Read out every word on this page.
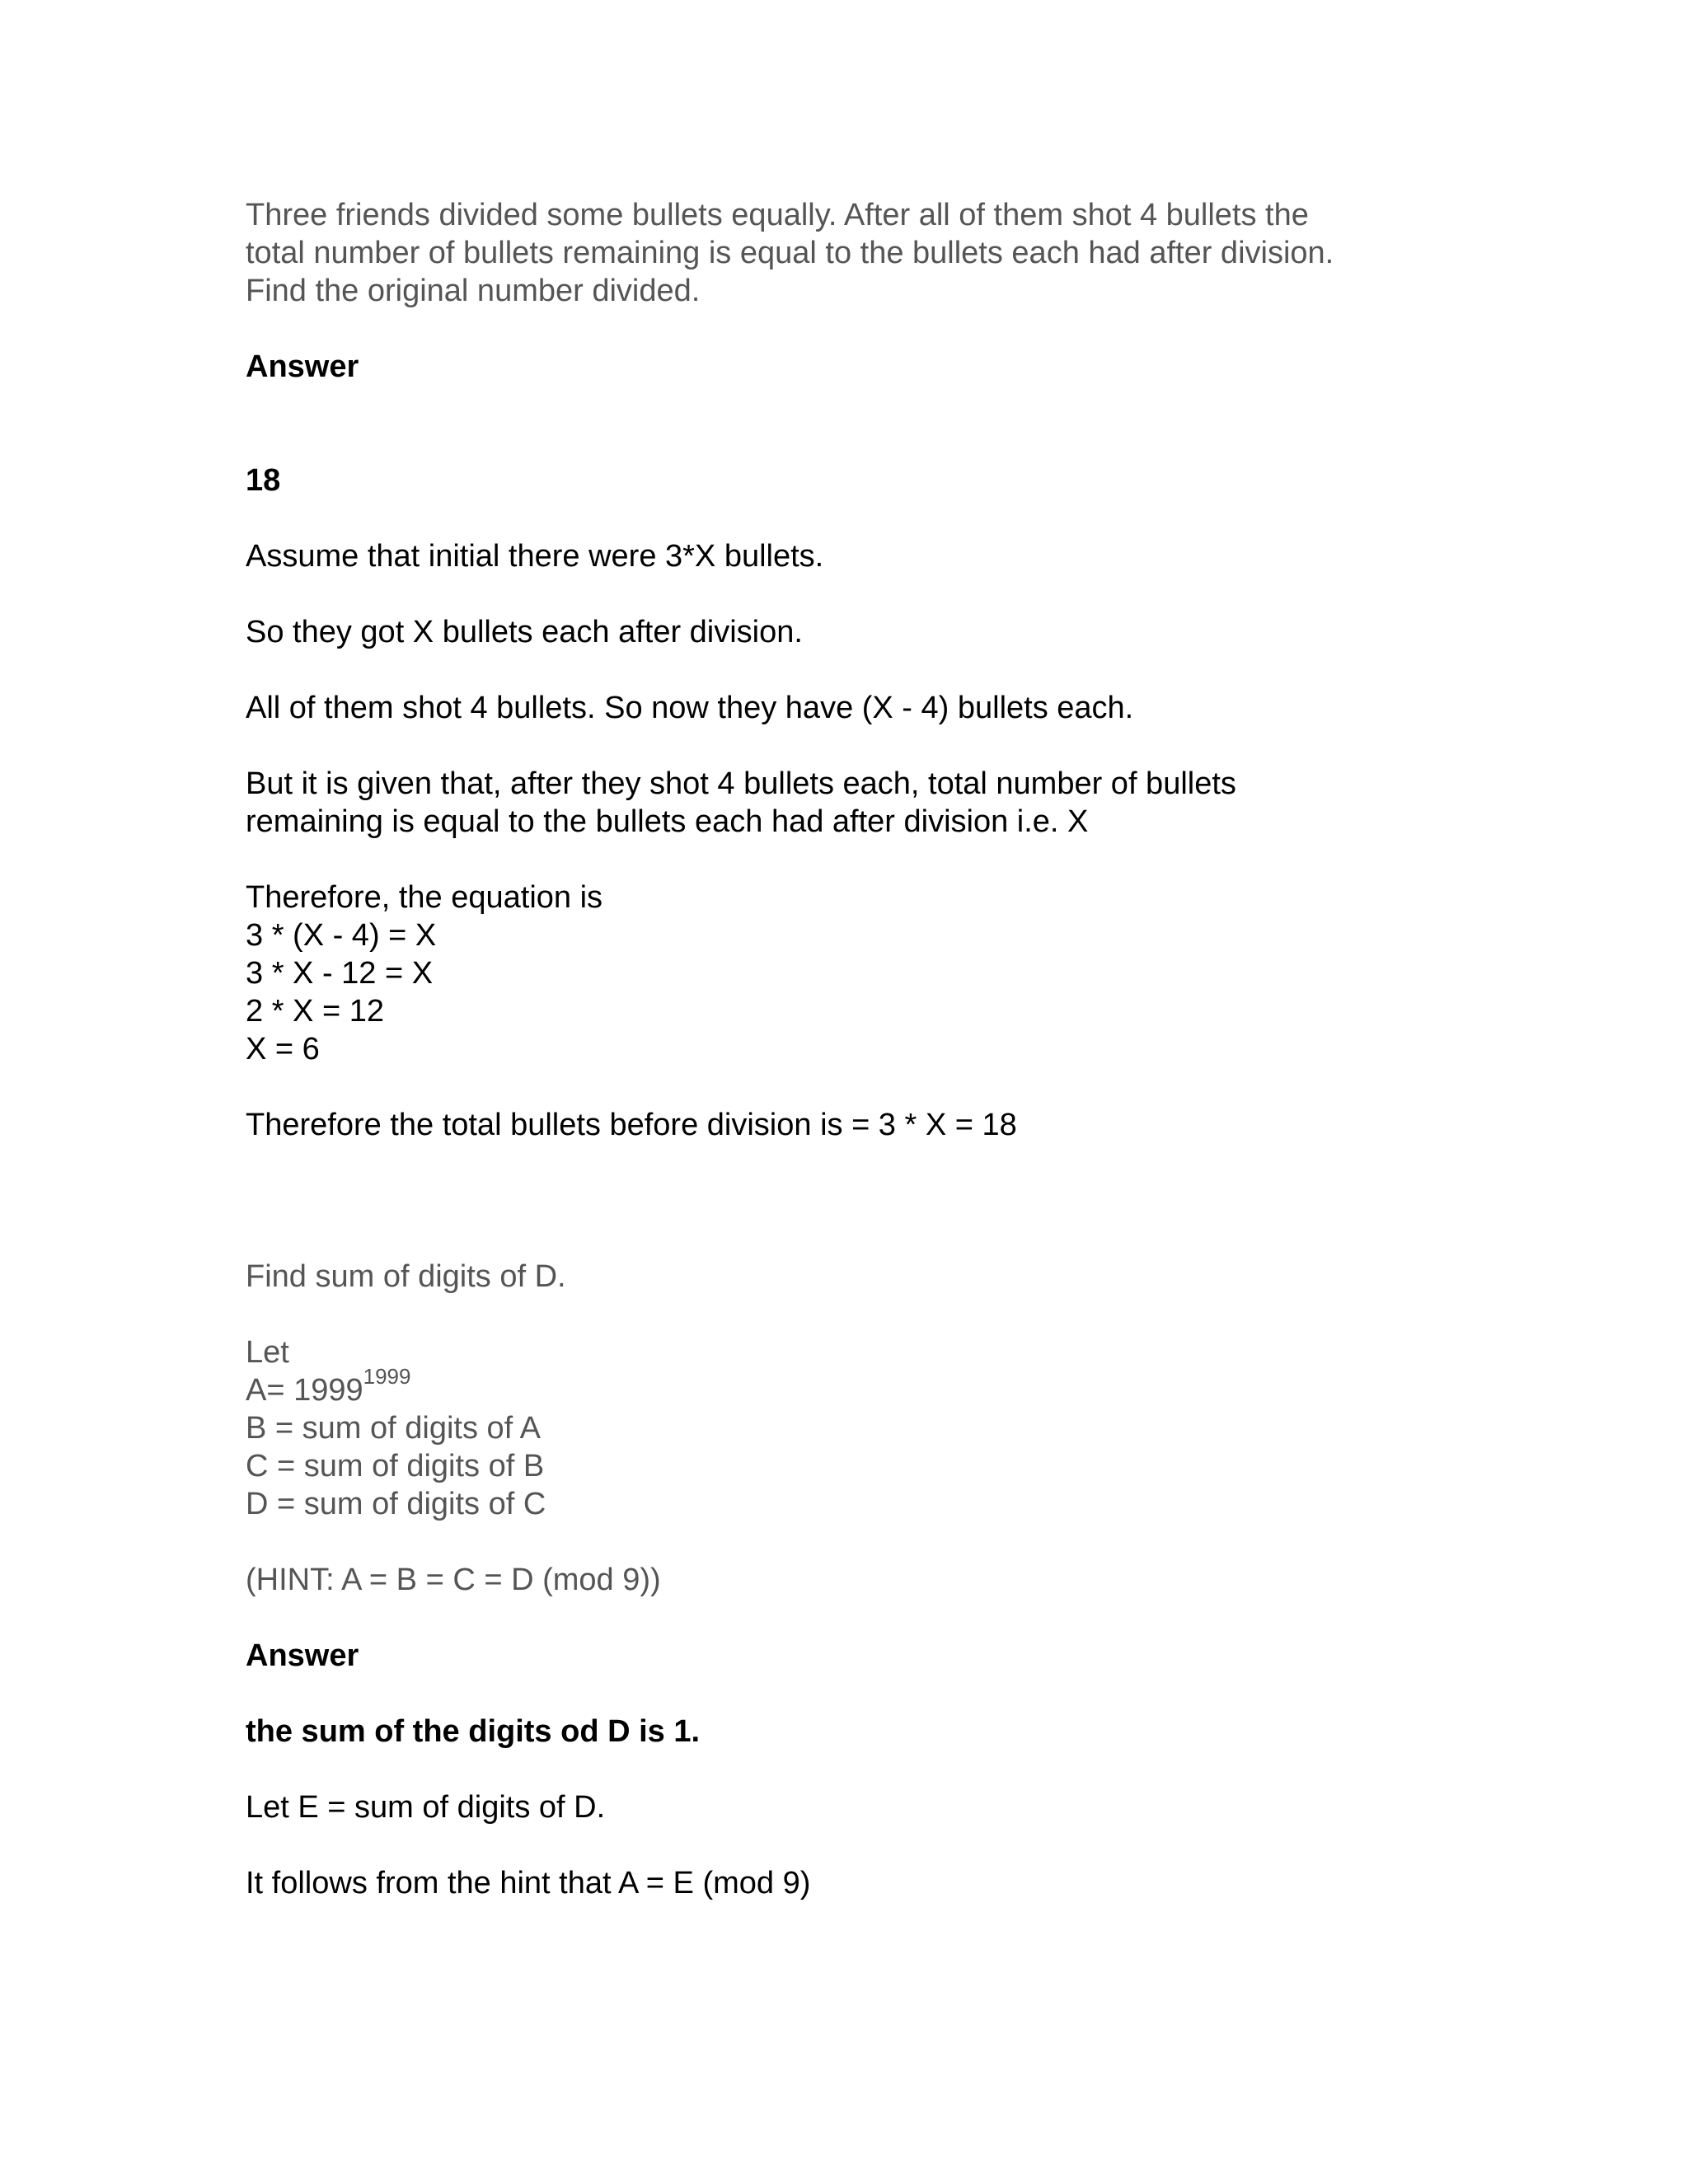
Three friends divided some bullets equally. After all of them shot 4 bullets the

total number of bullets remaining is equal to the bullets each had after division.

Find the original number divided.

Answer

18

Assume that initial there were 3*X bullets.

So they got X bullets each after division.

All of them shot 4 bullets. So now they have (X - 4) bullets each.

But it is given that, after they shot 4 bullets each, total number of bullets

remaining is equal to the bullets each had after division i.e. X

Therefore, the equation is

3 * (X - 4) = X

3 * X - 12 = X

2 * X = 12

X = 6

Therefore the total bullets before division is = 3 * X = 18

Find sum of digits of D.

Let

$A= 1999^{1999}$

B = sum of digits of A

C = sum of digits of B

D = sum of digits of C

(HINT: A = B = C = D (mod 9))

Answer

the sum of the digits od D is 1.

Let E = sum of digits of D.

It follows from the hint that A = E (mod 9)
